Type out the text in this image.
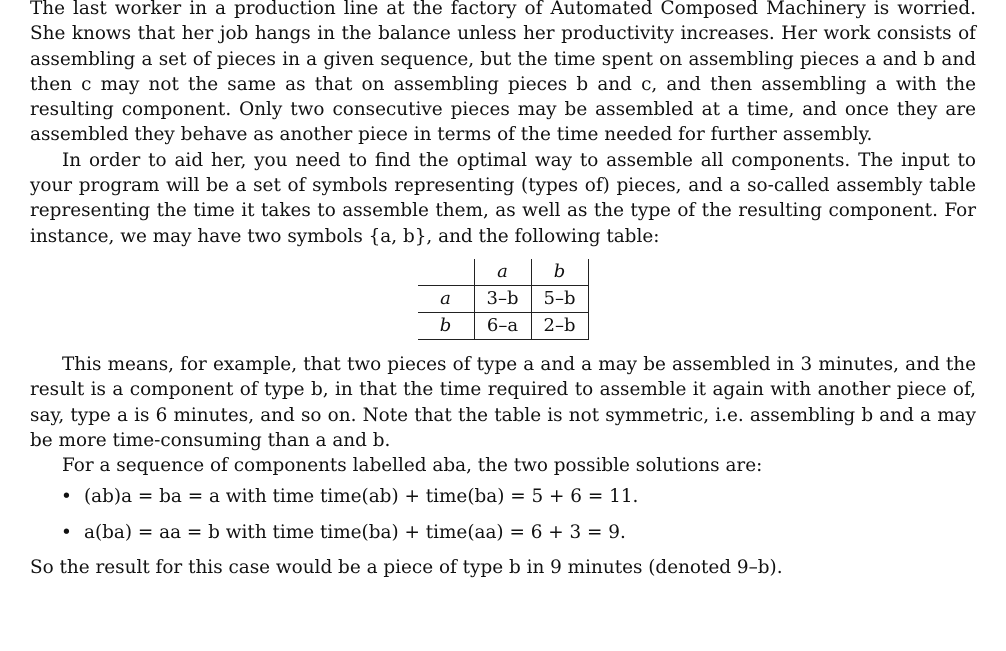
The last worker in a production line at the factory of Automated Composed Machinery is worried. She knows that her job hangs in the balance unless her productivity increases. Her work consists of assembling a set of pieces in a given sequence, but the time spent on assembling pieces a and b and then c may not the same as that on assembling pieces b and c, and then assembling a with the resulting component. Only two consecutive pieces may be assembled at a time, and once they are assembled they behave as another piece in terms of the time needed for further assembly.

In order to aid her, you need to find the optimal way to assemble all components. The input to your program will be a set of symbols representing (types of) pieces, and a so-called assembly table representing the time it takes to assemble them, as well as the type of the resulting component. For instance, we may have two symbols {a, b}, and the following table:

	a	b
a	3–b	5–b
b	6–a	2–b

This means, for example, that two pieces of type a and a may be assembled in 3 minutes, and the result is a component of type b, in that the time required to assemble it again with another piece of, say, type a is 6 minutes, and so on. Note that the table is not symmetric, i.e. assembling b and a may be more time-consuming than a and b.

For a sequence of components labelled aba, the two possible solutions are:

• (ab)a = ba = a with time time(ab) + time(ba) = 5 + 6 = 11.
• a(ba) = aa = b with time time(ba) + time(aa) = 6 + 3 = 9.

So the result for this case would be a piece of type b in 9 minutes (denoted 9–b).
